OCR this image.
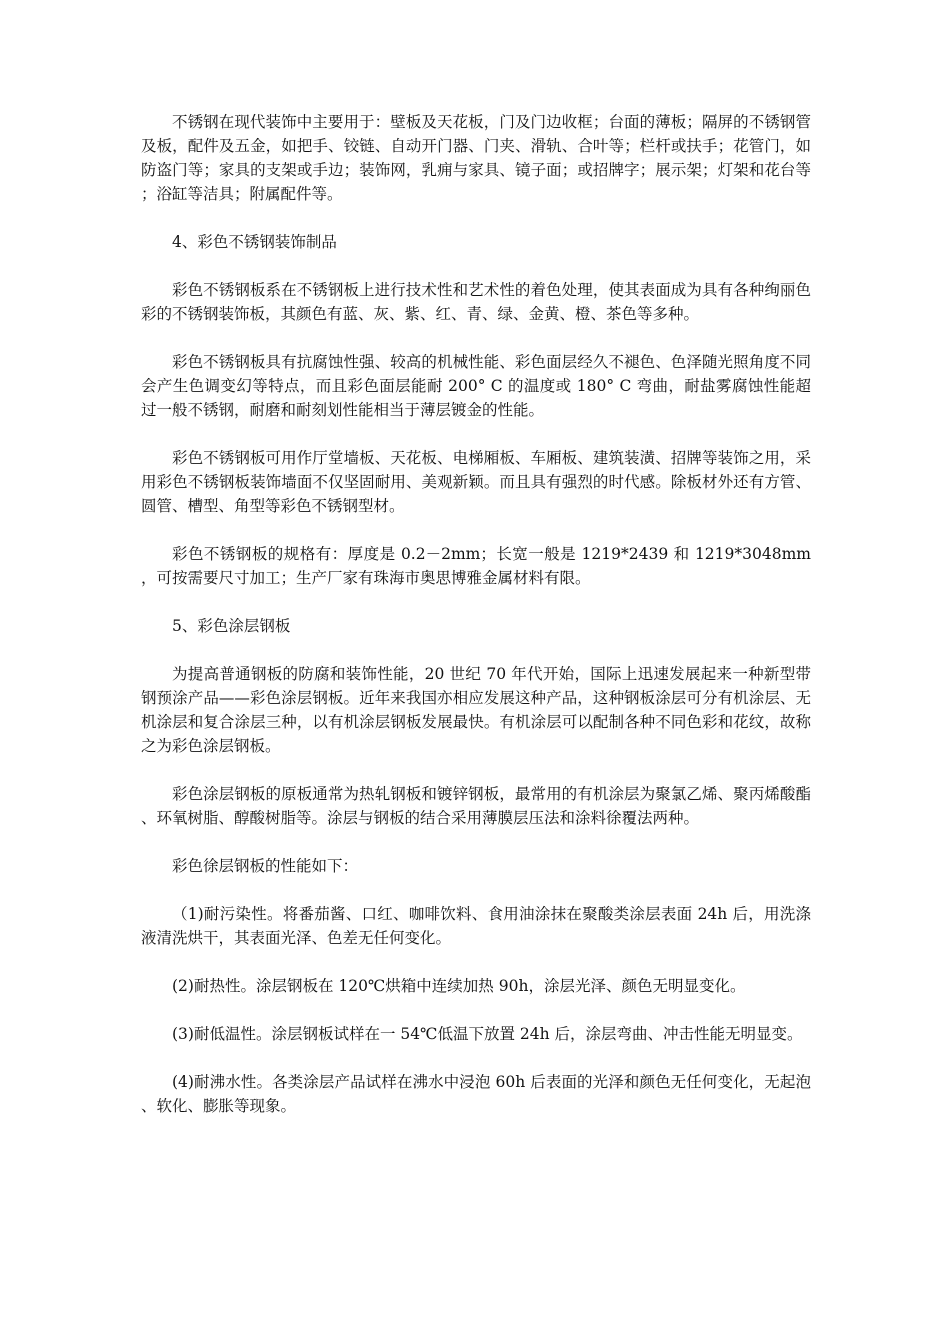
不锈钢在现代装饰中主要用于：壁板及天花板，门及门边收框；台面的薄板；隔屏的不锈钢管及板，配件及五金，如把手、铰链、自动开门器、门夹、滑轨、合叶等；栏杆或扶手；花管门，如防盗门等；家具的支架或手边；装饰网，乳痈与家具、镜子面；或招牌字；展示架；灯架和花台等；浴缸等洁具；附属配件等。

4、彩色不锈钢装饰制品

彩色不锈钢板系在不锈钢板上进行技术性和艺术性的着色处理，使其表面成为具有各种绚丽色彩的不锈钢装饰板，其颜色有蓝、灰、紫、红、青、绿、金黄、橙、茶色等多种。

彩色不锈钢板具有抗腐蚀性强、较高的机械性能、彩色面层经久不褪色、色泽随光照角度不同会产生色调变幻等特点，而且彩色面层能耐 200° C 的温度或 180° C 弯曲，耐盐雾腐蚀性能超过一般不锈钢，耐磨和耐刻划性能相当于薄层镀金的性能。

彩色不锈钢板可用作厅堂墙板、天花板、电梯厢板、车厢板、建筑装潢、招牌等装饰之用，采用彩色不锈钢板装饰墙面不仅坚固耐用、美观新颖。而且具有强烈的时代感。除板材外还有方管、圆管、槽型、角型等彩色不锈钢型材。

彩色不锈钢板的规格有：厚度是 0.2－2mm；长宽一般是 1219*2439 和 1219*3048mm，可按需要尺寸加工；生产厂家有珠海市奥思博雅金属材料有限。

5、彩色涂层钢板

为提高普通钢板的防腐和装饰性能，20 世纪 70 年代开始，国际上迅速发展起来一种新型带钢预涂产品——彩色涂层钢板。近年来我国亦相应发展这种产品，这种钢板涂层可分有机涂层、无机涂层和复合涂层三种，以有机涂层钢板发展最快。有机涂层可以配制各种不同色彩和花纹，故称之为彩色涂层钢板。

彩色涂层钢板的原板通常为热轧钢板和镀锌钢板，最常用的有机涂层为聚氯乙烯、聚丙烯酸酯、环氧树脂、醇酸树脂等。涂层与钢板的结合采用薄膜层压法和涂料徐覆法两种。

彩色徐层钢板的性能如下：

（1)耐污染性。将番茄酱、口红、咖啡饮料、食用油涂抹在聚酸类涂层表面 24h 后，用洗涤液清洗烘干，其表面光泽、色差无任何变化。

(2)耐热性。涂层钢板在 120℃烘箱中连续加热 90h，涂层光泽、颜色无明显变化。

(3)耐低温性。涂层钢板试样在一 54℃低温下放置 24h 后，涂层弯曲、冲击性能无明显变。

(4)耐沸水性。各类涂层产品试样在沸水中浸泡 60h 后表面的光泽和颜色无任何变化，无起泡、软化、膨胀等现象。
